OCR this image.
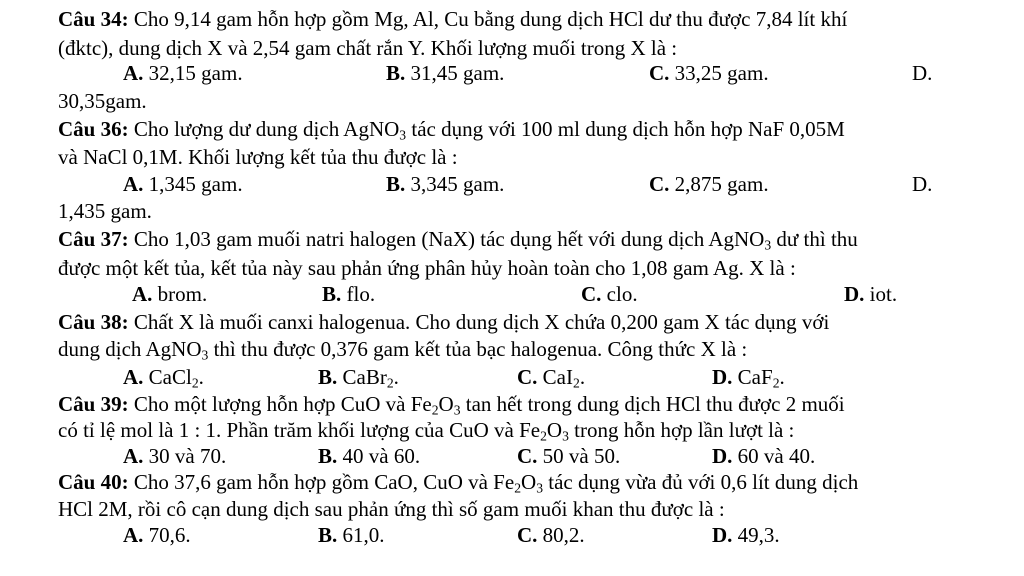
Câu 34: Cho 9,14 gam hỗn hợp gồm Mg, Al, Cu bằng dung dịch HCl dư thu được 7,84 lít khí
(đktc), dung dịch X và 2,54 gam chất rắn Y. Khối lượng muối trong X là :
A. 32,15 gam.	B. 31,45 gam.	C. 33,25 gam.	D.
30,35gam.
Câu 36: Cho lượng dư dung dịch AgNO$_3$ tác dụng với 100 ml dung dịch hỗn hợp NaF 0,05M
và NaCl 0,1M. Khối lượng kết tủa thu được là :
A. 1,345 gam.	B. 3,345 gam.	C. 2,875 gam.	D.
1,435 gam.
Câu 37: Cho 1,03 gam muối natri halogen (NaX) tác dụng hết với dung dịch AgNO$_3$ dư thì thu
được một kết tủa, kết tủa này sau phản ứng phân hủy hoàn toàn cho 1,08 gam Ag. X là :
A. brom.	B. flo.	C. clo.	D. iot.
Câu 38: Chất X là muối canxi halogenua. Cho dung dịch X chứa 0,200 gam X tác dụng với
dung dịch AgNO$_3$ thì thu được 0,376 gam kết tủa bạc halogenua. Công thức X là :
A. CaCl$_2$.	B. CaBr$_2$.	C. CaI$_2$.	D. CaF$_2$.
Câu 39: Cho một lượng hỗn hợp CuO và $Fe_2O_3$ tan hết trong dung dịch HCl thu được 2 muối
có tỉ lệ mol là 1 : 1. Phần trăm khối lượng của CuO và $Fe_2O_3$ trong hỗn hợp lần lượt là :
A. 30 và 70.	B. 40 và 60.	C. 50 và 50.	D. 60 và 40.
Câu 40: Cho 37,6 gam hỗn hợp gồm CaO, CuO và $Fe_2O_3$ tác dụng vừa đủ với 0,6 lít dung dịch
HCl 2M, rồi cô cạn dung dịch sau phản ứng thì số gam muối khan thu được là :
A. 70,6.	B. 61,0.	C. 80,2.	D. 49,3.
